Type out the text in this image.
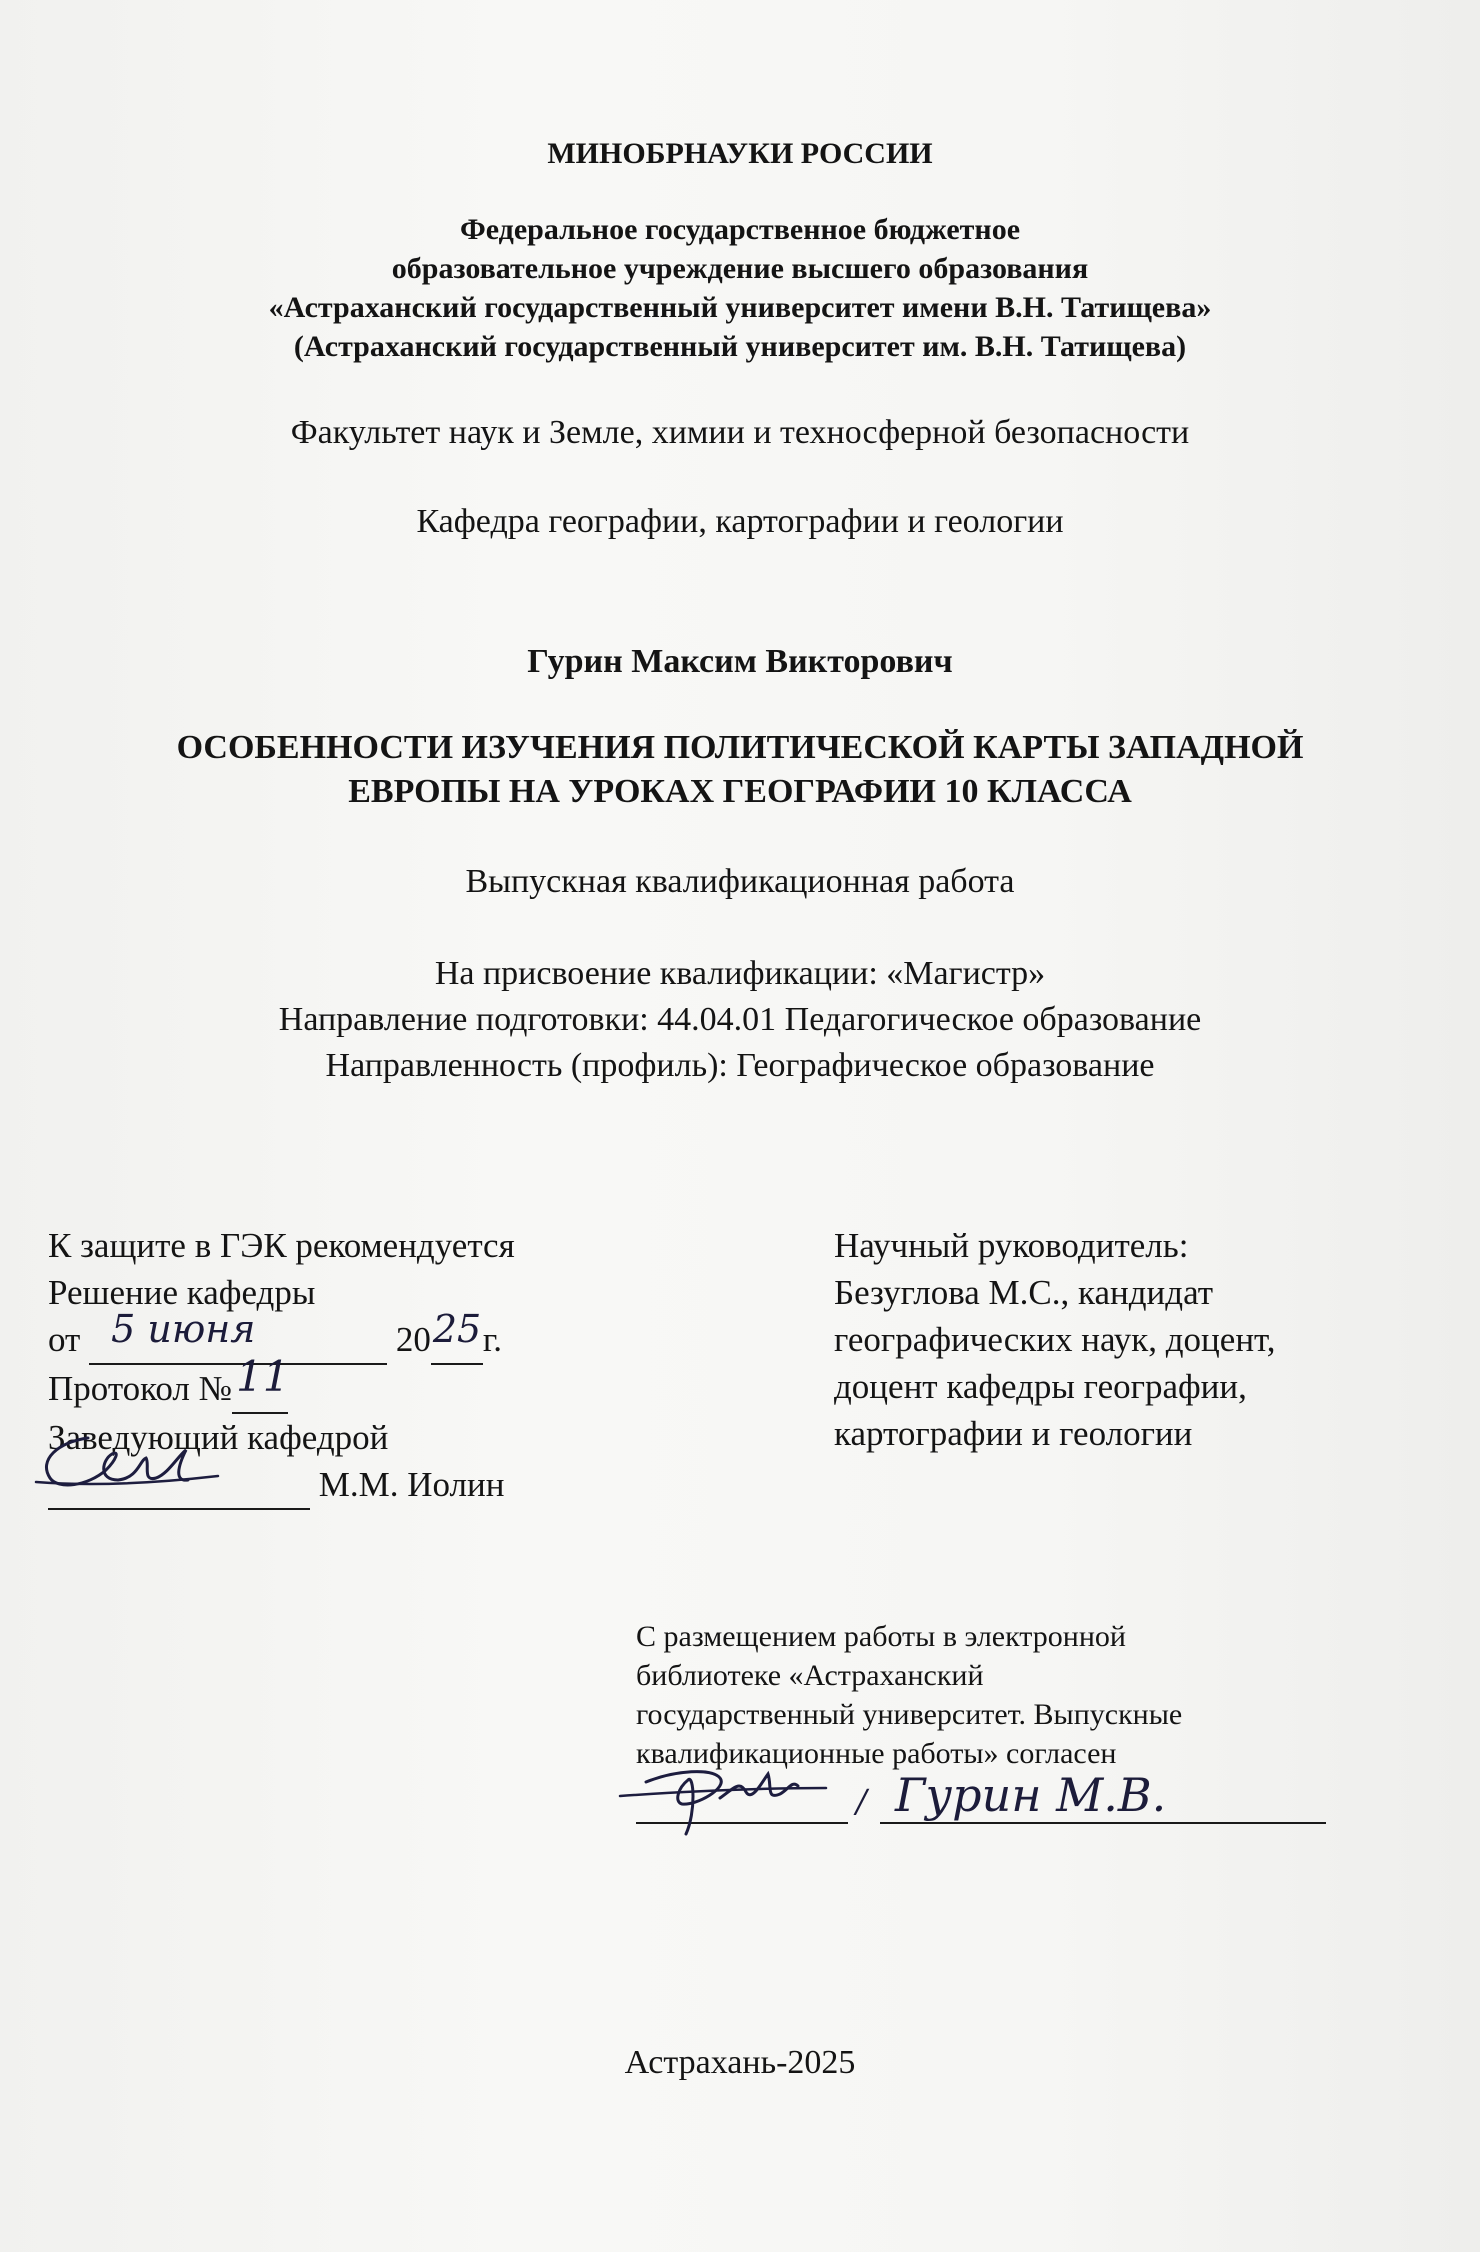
МИНОБРНАУКИ РОССИИ
Федеральное государственное бюджетное
образовательное учреждение высшего образования
«Астраханский государственный университет имени В.Н. Татищева»
(Астраханский государственный университет им. В.Н. Татищева)
Факультет наук и Земле, химии и техносферной безопасности
Кафедра географии, картографии и геологии
Гурин Максим Викторович
ОСОБЕННОСТИ ИЗУЧЕНИЯ ПОЛИТИЧЕСКОЙ КАРТЫ ЗАПАДНОЙ
ЕВРОПЫ НА УРОКАХ ГЕОГРАФИИ 10 КЛАССА
Выпускная квалификационная работа
На присвоение квалификации: «Магистр»
Направление подготовки: 44.04.01 Педагогическое образование
Направленность (профиль): Географическое образование
К защите в ГЭК рекомендуется
Решение кафедры
от 5 июня	20 25 г.
Протокол № 11

Заведующий кафедрой
М.М. Иолин
Научный руководитель:
Безуглова М.С., кандидат
географических наук, доцент,
доцент кафедры географии,
картографии и геологии
С размещением работы в электронной
библиотеке «Астраханский
государственный университет. Выпускные
квалификационные работы» согласен
/ Гурин М.В.
Астрахань-2025
